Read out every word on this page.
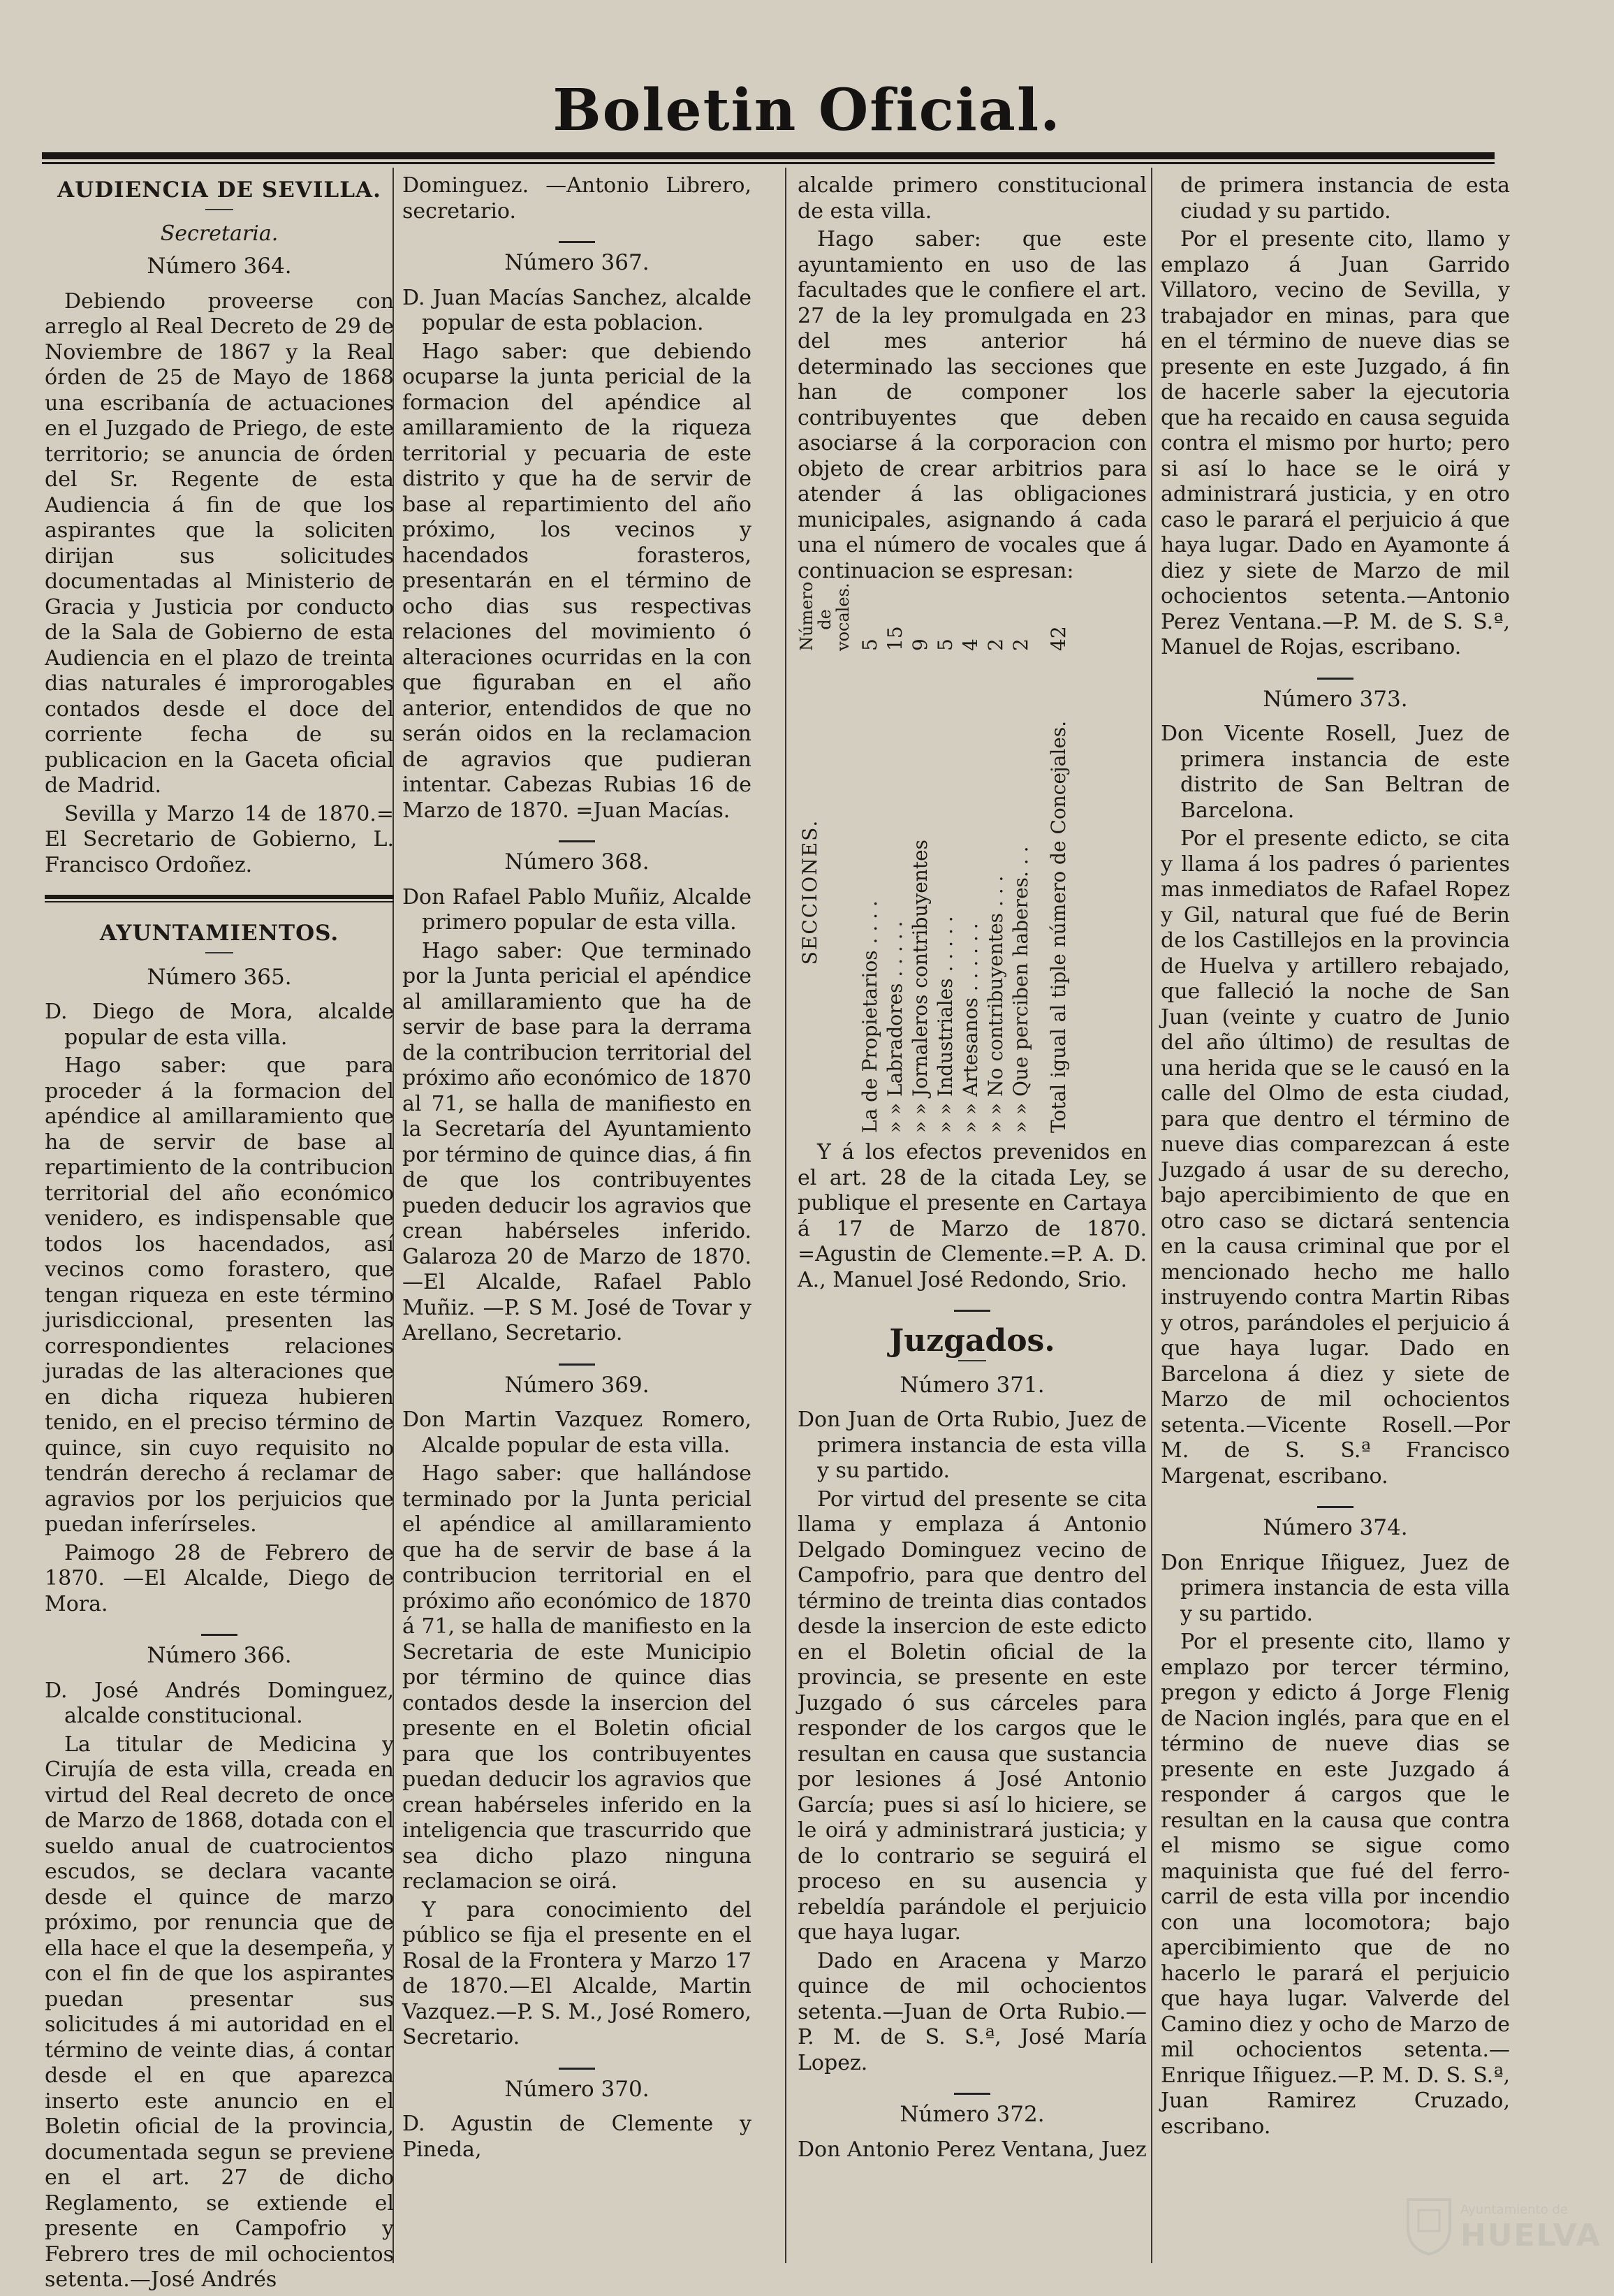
Boletin Oficial.
AUDIENCIA DE SEVILLA.
Secretaria.
Número 364.

Debiendo proveerse con arreglo al Real Decreto de 29 de Noviembre de 1867 y la Real órden de 25 de Mayo de 1868 una escribanía de actuaciones en el Juzgado de Priego, de este territorio; se anuncia de órden del Sr. Regente de esta Audiencia á fin de que los aspirantes que la soliciten dirijan sus solicitudes documentadas al Ministerio de Gracia y Justicia por conducto de la Sala de Gobierno de esta Audiencia en el plazo de treinta dias naturales é improrogables contados desde el doce del corriente fecha de su publicacion en la Gaceta oficial de Madrid.

Sevilla y Marzo 14 de 1870.= El Secretario de Gobierno, L. Francisco Ordoñez.

AYUNTAMIENTOS.
Número 365.

D. Diego de Mora, alcalde popular de esta villa.

Hago saber: que para proceder á la formacion del apéndice al amillaramiento que ha de servir de base al repartimiento de la contribucion territorial del año económico venidero, es indispensable que todos los hacendados, así vecinos como forastero, que tengan riqueza en este término jurisdiccional, presenten las correspondientes relaciones juradas de las alteraciones que en dicha riqueza hubieren tenido, en el preciso término de quince, sin cuyo requisito no tendrán derecho á reclamar de agravios por los perjuicios que puedan inferírseles.

Paimogo 28 de Febrero de 1870. —El Alcalde, Diego de Mora.

Número 366.

D. José Andrés Dominguez, alcalde constitucional.

La titular de Medicina y Cirujía de esta villa, creada en virtud del Real decreto de once de Marzo de 1868, dotada con el sueldo anual de cuatrocientos escudos, se declara vacante desde el quince de marzo próximo, por renuncia que de ella hace el que la desempeña, y con el fin de que los aspirantes puedan presentar sus solicitudes á mi autoridad en el término de veinte dias, á contar desde el en que aparezca inserto este anuncio en el Boletin oficial de la provincia, documentada segun se previene en el art. 27 de dicho Reglamento, se extiende el presente en Campofrio y Febrero tres de mil ochocientos setenta.—José Andrés

Dominguez. —Antonio Librero, secretario.

Número 367.

D. Juan Macías Sanchez, alcalde popular de esta poblacion.

Hago saber: que debiendo ocuparse la junta pericial de la formacion del apéndice al amillaramiento de la riqueza territorial y pecuaria de este distrito y que ha de servir de base al repartimiento del año próximo, los vecinos y hacendados forasteros, presentarán en el término de ocho dias sus respectivas relaciones del movimiento ó alteraciones ocurridas en la con que figuraban en el año anterior, entendidos de que no serán oidos en la reclamacion de agravios que pudieran intentar. Cabezas Rubias 16 de Marzo de 1870. =Juan Macías.

Número 368.

Don Rafael Pablo Muñiz, Alcalde primero popular de esta villa.

Hago saber: Que terminado por la Junta pericial el apéndice al amillaramiento que ha de servir de base para la derrama de la contribucion territorial del próximo año económico de 1870 al 71, se halla de manifiesto en la Secretaría del Ayuntamiento por término de quince dias, á fin de que los contribuyentes pueden deducir los agravios que crean habérseles inferido. Galaroza 20 de Marzo de 1870.—El Alcalde, Rafael Pablo Muñiz. —P. S M. José de Tovar y Arellano, Secretario.

Número 369.

Don Martin Vazquez Romero, Alcalde popular de esta villa.

Hago saber: que hallándose terminado por la Junta pericial el apéndice al amillaramiento que ha de servir de base á la contribucion territorial en el próximo año económico de 1870 á 71, se halla de manifiesto en la Secretaria de este Municipio por término de quince dias contados desde la insercion del presente en el Boletin oficial para que los contribuyentes puedan deducir los agravios que crean habérseles inferido en la inteligencia que trascurrido que sea dicho plazo ninguna reclamacion se oirá.

Y para conocimiento del público se fija el presente en el Rosal de la Frontera y Marzo 17 de 1870.—El Alcalde, Martin Vazquez.—P. S. M., José Romero, Secretario.

Número 370.

D. Agustin de Clemente y Pineda,

alcalde primero constitucional de esta villa.

Hago saber: que este ayuntamiento en uso de las facultades que le confiere el art. 27 de la ley promulgada en 23 del mes anterior há determinado las secciones que han de componer los contribuyentes que deben asociarse á la corporacion con objeto de crear arbitrios para atender á las obligaciones municipales, asignando á cada una el número de vocales que á continuacion se espresan:

SECCIONES.
Número de vocales.
La de Propietarios . . . .
5
» » Labradores . . . . .
15
» » Jornaleros contribuyentes
9
» » Industriales . . . . .
5
» » Artesanos . . . . . .
4
» » No contribuyentes . . .
2
» » Que perciben haberes. . .
2
Total igual al tiple número de Concejales.
42

Y á los efectos prevenidos en el art. 28 de la citada Ley, se publique el presente en Cartaya á 17 de Marzo de 1870. =Agustin de Clemente.=P. A. D. A., Manuel José Redondo, Srio.

Juzgados.
Número 371.

Don Juan de Orta Rubio, Juez de primera instancia de esta villa y su partido.

Por virtud del presente se cita llama y emplaza á Antonio Delgado Dominguez vecino de Campofrio, para que dentro del término de treinta dias contados desde la insercion de este edicto en el Boletin oficial de la provincia, se presente en este Juzgado ó sus cárceles para responder de los cargos que le resultan en causa que sustancia por lesiones á José Antonio García; pues si así lo hiciere, se le oirá y administrará justicia; y de lo contrario se seguirá el proceso en su ausencia y rebeldía parándole el perjuicio que haya lugar.

Dado en Aracena y Marzo quince de mil ochocientos setenta.—Juan de Orta Rubio.—P. M. de S. S.ª, José María Lopez.

Número 372.

Don Antonio Perez Ventana, Juez

de primera instancia de esta ciudad y su partido.

Por el presente cito, llamo y emplazo á Juan Garrido Villatoro, vecino de Sevilla, y trabajador en minas, para que en el término de nueve dias se presente en este Juzgado, á fin de hacerle saber la ejecutoria que ha recaido en causa seguida contra el mismo por hurto; pero si así lo hace se le oirá y administrará justicia, y en otro caso le parará el perjuicio á que haya lugar. Dado en Ayamonte á diez y siete de Marzo de mil ochocientos setenta.—Antonio Perez Ventana.—P. M. de S. S.ª, Manuel de Rojas, escribano.

Número 373.

Don Vicente Rosell, Juez de primera instancia de este distrito de San Beltran de Barcelona.

Por el presente edicto, se cita y llama á los padres ó parientes mas inmediatos de Rafael Ropez y Gil, natural que fué de Berin de los Castillejos en la provincia de Huelva y artillero rebajado, que falleció la noche de San Juan (veinte y cuatro de Junio del año último) de resultas de una herida que se le causó en la calle del Olmo de esta ciudad, para que dentro el término de nueve dias comparezcan á este Juzgado á usar de su derecho, bajo apercibimiento de que en otro caso se dictará sentencia en la causa criminal que por el mencionado hecho me hallo instruyendo contra Martin Ribas y otros, parándoles el perjuicio á que haya lugar. Dado en Barcelona á diez y siete de Marzo de mil ochocientos setenta.—Vicente Rosell.—Por M. de S. S.ª Francisco Margenat, escribano.

Número 374.

Don Enrique Iñiguez, Juez de primera instancia de esta villa y su partido.

Por el presente cito, llamo y emplazo por tercer término, pregon y edicto á Jorge Flenig de Nacion inglés, para que en el término de nueve dias se presente en este Juzgado á responder á cargos que le resultan en la causa que contra el mismo se sigue como maquinista que fué del ferro-carril de esta villa por incendio con una locomotora; bajo apercibimiento que de no hacerlo le parará el perjuicio que haya lugar. Valverde del Camino diez y ocho de Marzo de mil ochocientos setenta.—Enrique Iñiguez.—P. M. D. S. S.ª, Juan Ramirez Cruzado, escribano.

Ayuntamiento de
HUELVA
